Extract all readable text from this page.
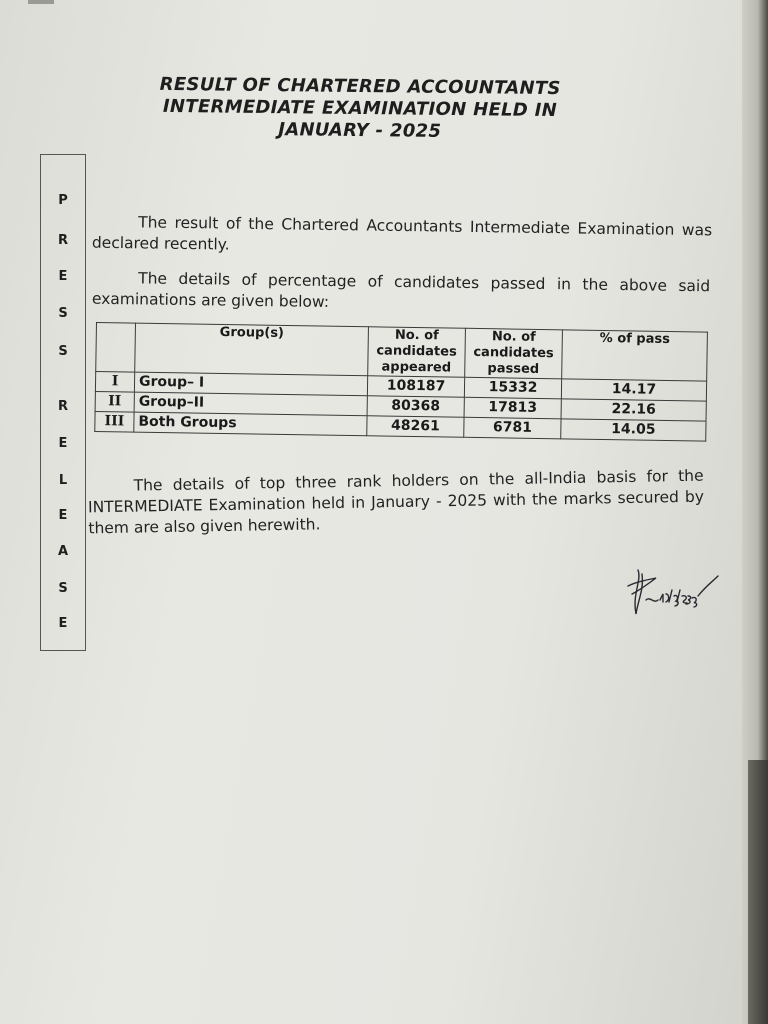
RESULT OF CHARTERED ACCOUNTANTS
INTERMEDIATE EXAMINATION HELD IN
JANUARY - 2025
P
R
E
S
S
R
E
L
E
A
S
E
The result of the Chartered Accountants Intermediate Examination was declared recently.
The details of percentage of candidates passed in the above said examinations are given below:
	Group(s)	No. of candidates appeared	No. of candidates passed	% of pass
I	Group– I	108187	15332	14.17
II	Group–II	80368	17813	22.16
III	Both Groups	48261	6781	14.05
The details of top three rank holders on the all-India basis for the INTERMEDIATE Examination held in January - 2025 with the marks secured by them are also given herewith.
